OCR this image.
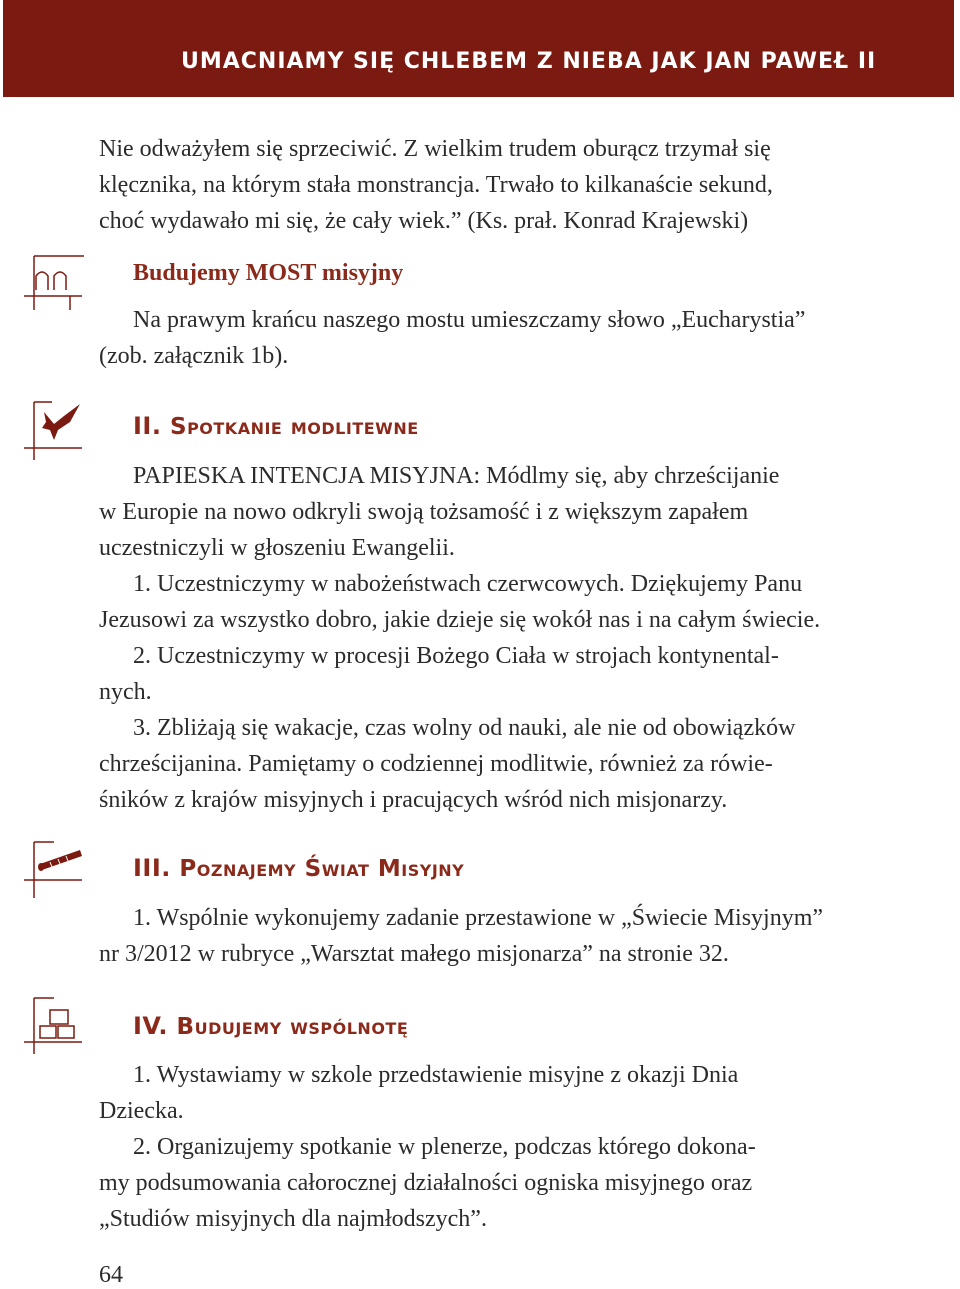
UMACNIAMY SIĘ CHLEBEM Z NIEBA JAK JAN PAWEŁ II

Nie odważyłem się sprzeciwić. Z wielkim trudem oburącz trzymał się

klęcznika, na którym stała monstrancja. Trwało to kilkanaście sekund,

choć wydawało mi się, że cały wiek.” (Ks. prał. Konrad Krajewski)

Budujemy MOST misyjny

Na prawym krańcu naszego mostu umieszczamy słowo „Eucharystia”

(zob. załącznik 1b).

II. Spotkanie modlitewne

PAPIESKA INTENCJA MISYJNA: Módlmy się, aby chrześcijanie

w Europie na nowo odkryli swoją tożsamość i z większym zapałem

uczestniczyli w głoszeniu Ewangelii.

1. Uczestniczymy w nabożeństwach czerwcowych. Dziękujemy Panu

Jezusowi za wszystko dobro, jakie dzieje się wokół nas i na całym świecie.

2. Uczestniczymy w procesji Bożego Ciała w strojach kontynental-

nych.

3. Zbliżają się wakacje, czas wolny od nauki, ale nie od obowiązków

chrześcijanina. Pamiętamy o codziennej modlitwie, również za rówie-

śników z krajów misyjnych i pracujących wśród nich misjonarzy.

III. Poznajemy Świat Misyjny

1. Wspólnie wykonujemy zadanie przestawione w „Świecie Misyjnym”

nr 3/2012 w rubryce „Warsztat małego misjonarza” na stronie 32.

IV. Budujemy wspólnotę

1. Wystawiamy w szkole przedstawienie misyjne z okazji Dnia

Dziecka.

2. Organizujemy spotkanie w plenerze, podczas którego dokona-

my podsumowania całorocznej działalności ogniska misyjnego oraz

„Studiów misyjnych dla najmłodszych”.

64
